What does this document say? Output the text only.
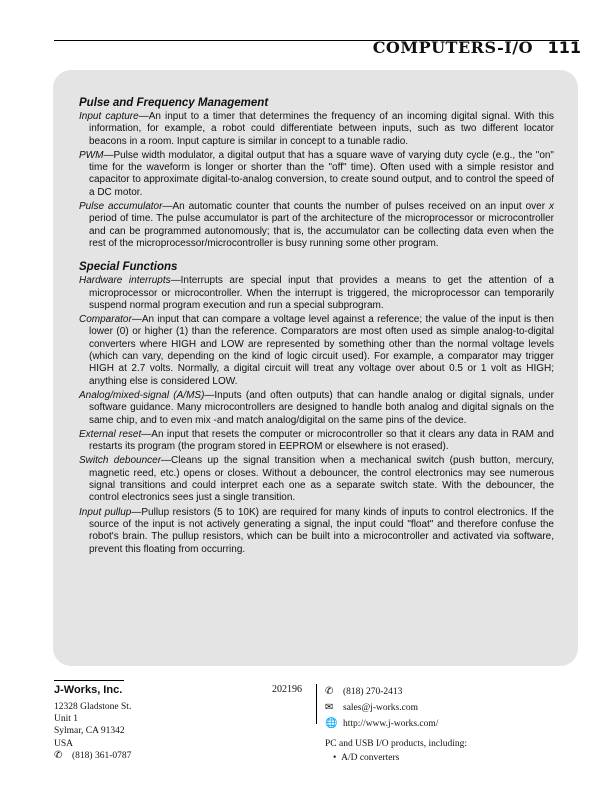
COMPUTERS-I/O 111
Pulse and Frequency Management

Input capture—An input to a timer that determines the frequency of an incoming digital signal. With this information, for example, a robot could differentiate between inputs, such as two different locator beacons in a room. Input capture is similar in concept to a tunable radio.

PWM—Pulse width modulator, a digital output that has a square wave of varying duty cycle (e.g., the "on" time for the waveform is longer or shorter than the "off" time). Often used with a simple resistor and capacitor to approximate digital-to-analog conversion, to create sound output, and to control the speed of a DC motor.

Pulse accumulator—An automatic counter that counts the number of pulses received on an input over x period of time. The pulse accumulator is part of the architecture of the microprocessor or microcontroller and can be programmed autonomously; that is, the accumulator can be collecting data even when the rest of the microprocessor/microcontroller is busy running some other program.

Special Functions

Hardware interrupts—Interrupts are special input that provides a means to get the attention of a microprocessor or microcontroller. When the interrupt is triggered, the microprocessor can temporarily suspend normal program execution and run a special subprogram.

Comparator—An input that can compare a voltage level against a reference; the value of the input is then lower (0) or higher (1) than the reference. Comparators are most often used as simple analog-to-digital converters where HIGH and LOW are represented by something other than the normal voltage levels (which can vary, depending on the kind of logic circuit used). For example, a comparator may trigger HIGH at 2.7 volts. Normally, a digital circuit will treat any voltage over about 0.5 or 1 volt as HIGH; anything else is considered LOW.

Analog/mixed-signal (A/MS)—Inputs (and often outputs) that can handle analog or digital signals, under software guidance. Many microcontrollers are designed to handle both analog and digital signals on the same chip, and to even mix -and match analog/digital on the same pins of the device.

External reset—An input that resets the computer or microcontroller so that it clears any data in RAM and restarts its program (the program stored in EEPROM or elsewhere is not erased).

Switch debouncer—Cleans up the signal transition when a mechanical switch (push button, mercury, magnetic reed, etc.) opens or closes. Without a debouncer, the control electronics may see numerous signal transitions and could interpret each one as a separate switch state. With the debouncer, the control electronics sees just a single transition.

Input pullup—Pullup resistors (5 to 10K) are required for many kinds of inputs to control electronics. If the source of the input is not actively generating a signal, the input could "float" and therefore confuse the robot's brain. The pullup resistors, which can be built into a microcontroller and activated via software, prevent this floating from occurring.

J-Works, Inc.	202196
12328 Gladstone St.
Unit 1
Sylmar, CA 91342
USA
✆ (818) 361-0787
✆ (818) 270-2413
✉ sales@j-works.com
🌐 http://www.j-works.com/
PC and USB I/O products, including:
•  A/D converters
